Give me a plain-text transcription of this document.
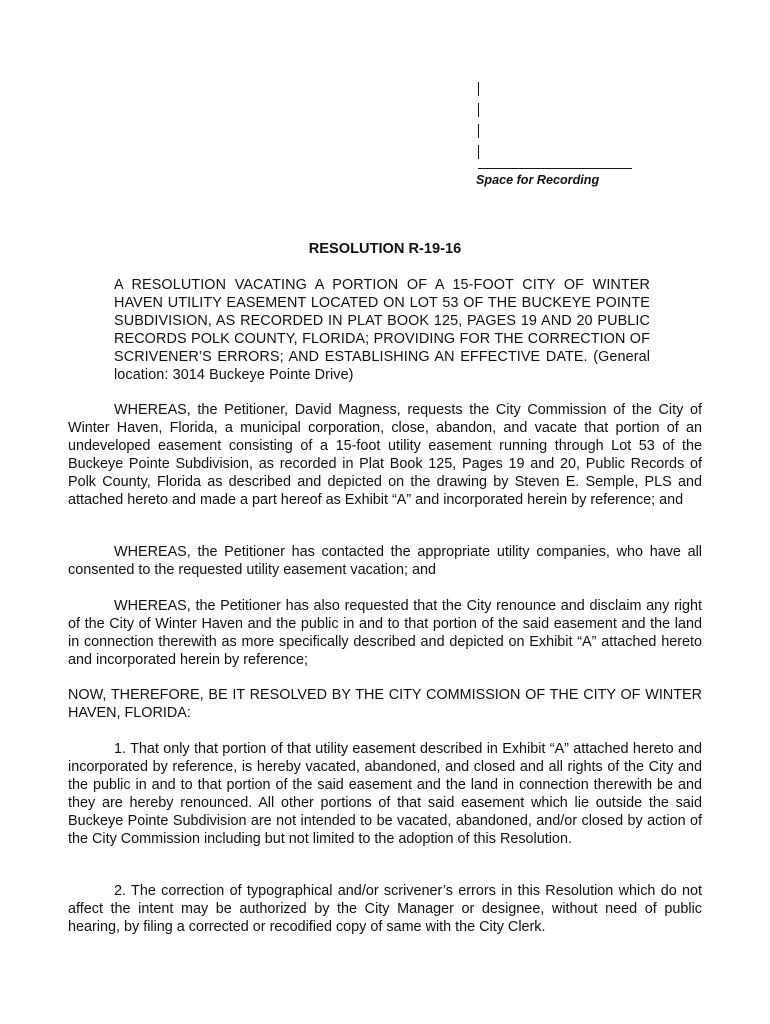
Space for Recording
RESOLUTION R-19-16
A RESOLUTION VACATING A PORTION OF A 15-FOOT CITY OF WINTER HAVEN UTILITY EASEMENT LOCATED ON LOT 53 OF THE BUCKEYE POINTE SUBDIVISION, AS RECORDED IN PLAT BOOK 125, PAGES 19 AND 20 PUBLIC RECORDS POLK COUNTY, FLORIDA; PROVIDING FOR THE CORRECTION OF SCRIVENER’S ERRORS; AND ESTABLISHING AN EFFECTIVE DATE. (General location: 3014 Buckeye Pointe Drive)
WHEREAS, the Petitioner, David Magness, requests the City Commission of the City of Winter Haven, Florida, a municipal corporation, close, abandon, and vacate that portion of an undeveloped easement consisting of a 15-foot utility easement running through Lot 53 of the Buckeye Pointe Subdivision, as recorded in Plat Book 125, Pages 19 and 20, Public Records of Polk County, Florida as described and depicted on the drawing by Steven E. Semple, PLS and attached hereto and made a part hereof as Exhibit “A” and incorporated herein by reference; and
WHEREAS, the Petitioner has contacted the appropriate utility companies, who have all consented to the requested utility easement vacation; and
WHEREAS, the Petitioner has also requested that the City renounce and disclaim any right of the City of Winter Haven and the public in and to that portion of the said easement and the land in connection therewith as more specifically described and depicted on Exhibit “A” attached hereto and incorporated herein by reference;
NOW, THEREFORE, BE IT RESOLVED BY THE CITY COMMISSION OF THE CITY OF WINTER HAVEN, FLORIDA:
1. That only that portion of that utility easement described in Exhibit “A” attached hereto and incorporated by reference, is hereby vacated, abandoned, and closed and all rights of the City and the public in and to that portion of the said easement and the land in connection therewith be and they are hereby renounced. All other portions of that said easement which lie outside the said Buckeye Pointe Subdivision are not intended to be vacated, abandoned, and/or closed by action of the City Commission including but not limited to the adoption of this Resolution.
2. The correction of typographical and/or scrivener’s errors in this Resolution which do not affect the intent may be authorized by the City Manager or designee, without need of public hearing, by filing a corrected or recodified copy of same with the City Clerk.
